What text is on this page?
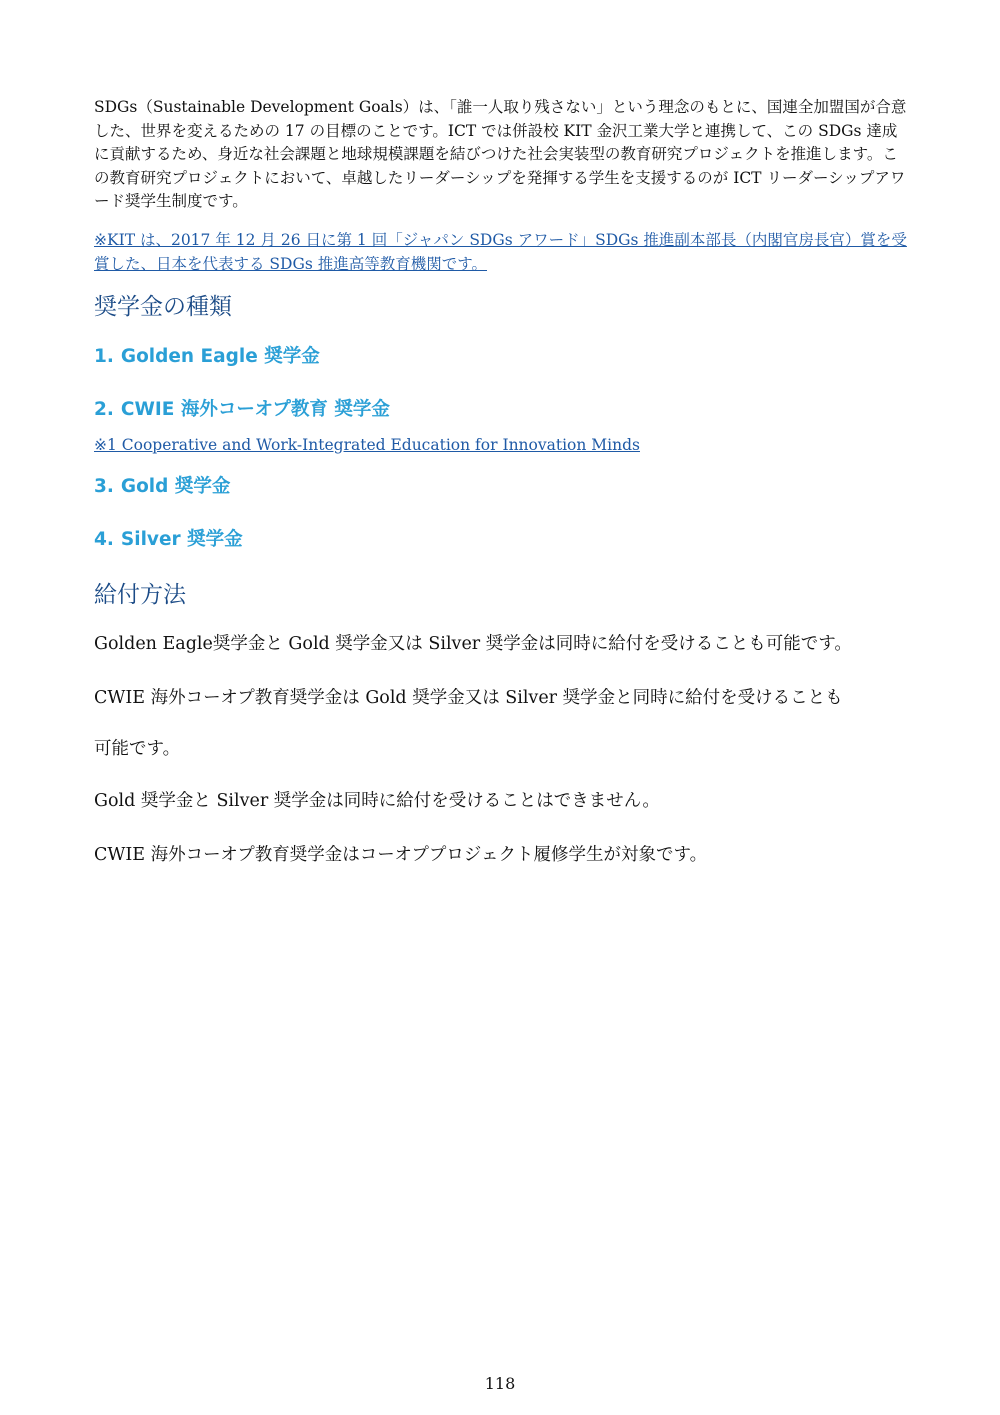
SDGs（Sustainable Development Goals）は、「誰一人取り残さない」という理念のもとに、国連全加盟国が合意した、世界を変えるための 17 の目標のことです。ICT では併設校 KIT 金沢工業大学と連携して、この SDGs 達成に貢献するため、身近な社会課題と地球規模課題を結びつけた社会実装型の教育研究プロジェクトを推進します。この教育研究プロジェクトにおいて、卓越したリーダーシップを発揮する学生を支援するのが ICT リーダーシップアワード奨学生制度です。

※KIT は、2017 年 12 月 26 日に第 1 回「ジャパン SDGs アワード」SDGs 推進副本部長（内閣官房長官）賞を受賞した、日本を代表する SDGs 推進高等教育機関です。

奨学金の種類
1. Golden Eagle 奨学金
2. CWIE 海外コーオプ教育 奨学金

※1 Cooperative and Work-Integrated Education for Innovation Minds

3. Gold 奨学金
4. Silver 奨学金
給付方法

Golden Eagle奨学金と Gold 奨学金又は Silver 奨学金は同時に給付を受けることも可能です。

CWIE 海外コーオプ教育奨学金は Gold 奨学金又は Silver 奨学金と同時に給付を受けることも

可能です。

Gold 奨学金と Silver 奨学金は同時に給付を受けることはできません。

CWIE 海外コーオプ教育奨学金はコーオププロジェクト履修学生が対象です。

118
